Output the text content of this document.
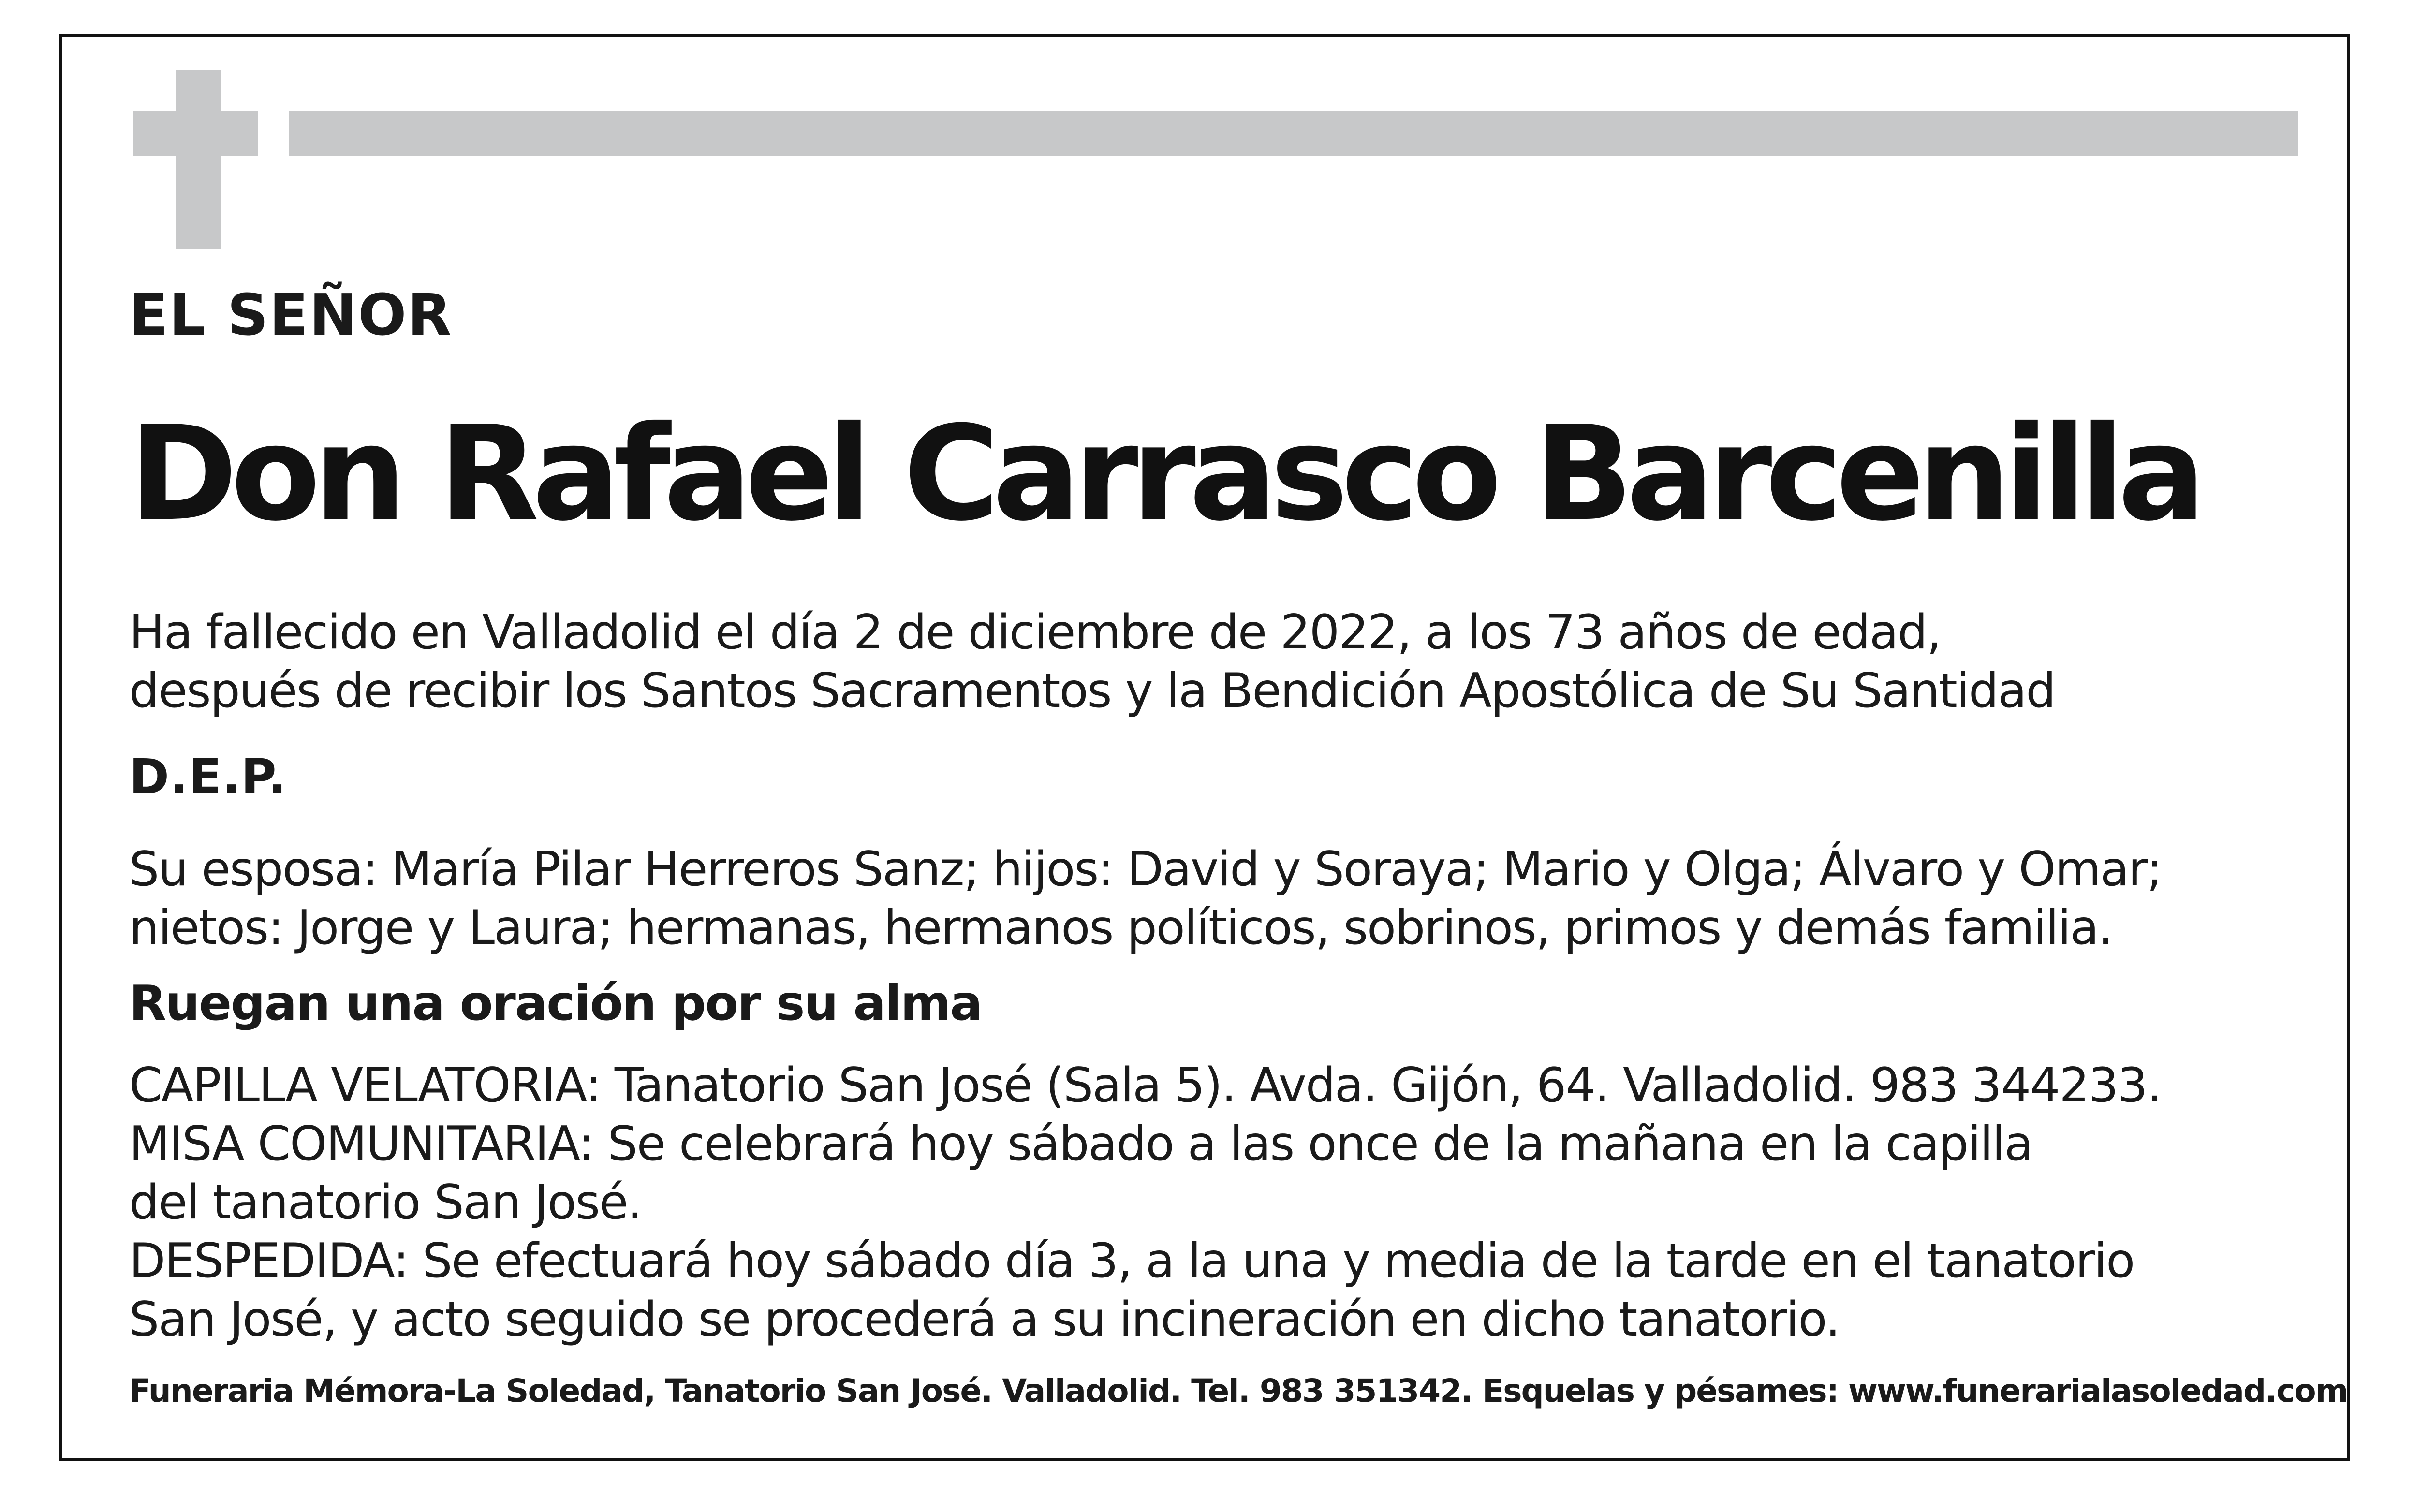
EL SEÑOR
Don Rafael Carrasco Barcenilla
Ha fallecido en Valladolid el día 2 de diciembre de 2022, a los 73 años de edad,
después de recibir los Santos Sacramentos y la Bendición Apostólica de Su Santidad
D.E.P.
Su esposa: María Pilar Herreros Sanz; hijos: David y Soraya; Mario y Olga; Álvaro y Omar;
nietos: Jorge y Laura; hermanas, hermanos políticos, sobrinos, primos y demás familia.
Ruegan una oración por su alma
CAPILLA VELATORIA: Tanatorio San José (Sala 5). Avda. Gijón, 64. Valladolid. 983 344233.
MISA COMUNITARIA: Se celebrará hoy sábado a las once de la mañana en la capilla
del tanatorio San José.
DESPEDIDA: Se efectuará hoy sábado día 3, a la una y media de la tarde en el tanatorio
San José, y acto seguido se procederá a su incineración en dicho tanatorio.
Funeraria Mémora-La Soledad, Tanatorio San José. Valladolid. Tel. 983 351342. Esquelas y pésames: www.funerarialasoledad.com
